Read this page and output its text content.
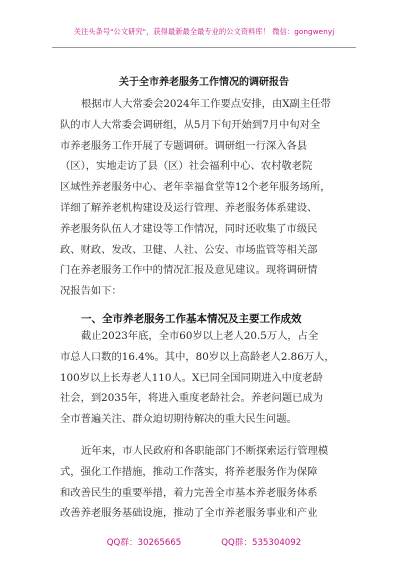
关注头条号"公文研究"，获得最新最全最专业的公文资料库！ 微信：gongwenyj
关于全市养老服务工作情况的调研报告
根据市人大常委会2024年工作要点安排，由X副主任带
队的市人大常委会调研组，从5月下旬开始到7月中旬对全
市养老服务工作开展了专题调研。调研组一行深入各县
（区），实地走访了县（区）社会福利中心、农村敬老院
区域性养老服务中心、老年幸福食堂等12个老年服务场所，
详细了解养老机构建设及运行管理、养老服务体系建设、
养老服务队伍人才建设等工作情况，同时还收集了市级民
政、财政、发改、卫健、人社、公安、市场监管等相关部
门在养老服务工作中的情况汇报及意见建议。现将调研情
况报告如下：
一、全市养老服务工作基本情况及主要工作成效
截止2023年底，全市60岁以上老人20.5万人，占全
市总人口数的16.4%。其中，80岁以上高龄老人2.86万人，
100岁以上长寿老人110人。X已同全国同期进入中度老龄
社会，到2035年，将进入重度老龄社会。养老问题已成为
全市普遍关注、群众迫切期待解决的重大民生问题。
近年来，市人民政府和各职能部门不断探索运行管理模
式，强化工作措施，推动工作落实，将养老服务作为保障
和改善民生的重要举措，着力完善全市基本养老服务体系
改善养老服务基础设施，推动了全市养老服务事业和产业
QQ群：30265665	QQ群：535304092
